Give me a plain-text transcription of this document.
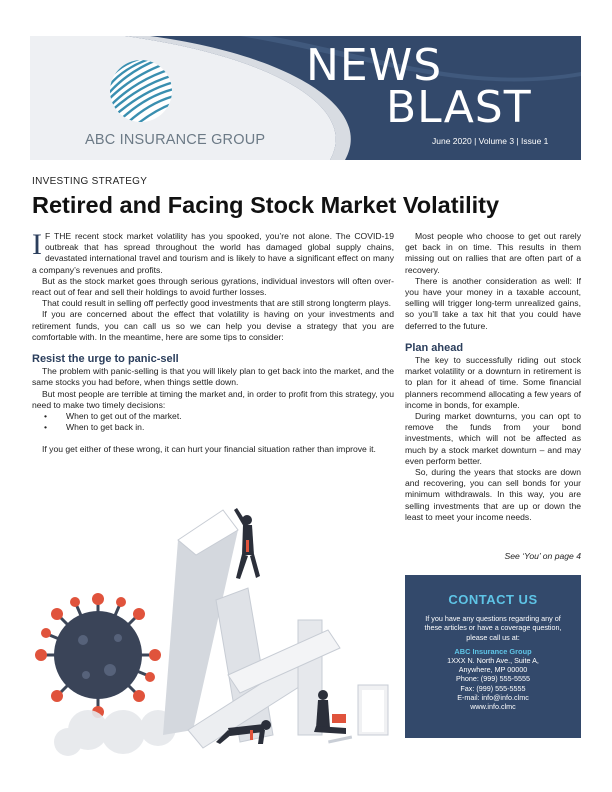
ABC INSURANCE GROUP
NEWS
BLAST
June 2020 | Volume 3 | Issue 1
INVESTING STRATEGY
Retired and Facing Stock Market Volatility

I F THE recent stock market volatility has you spooked, you’re not alone. The COVID-19 outbreak that has spread throughout the world has damaged global supply chains, devastated international travel and tourism and is likely to have a significant effect on many a company’s revenues and profits.

But as the stock market goes through serious gyrations, individual investors will often over-react out of fear and sell their holdings to avoid further losses.

That could result in selling off perfectly good investments that are still strong longterm plays.

If you are concerned about the effect that volatility is having on your investments and retirement funds, you can call us so we can help you devise a strategy that you are comfortable with. In the meantime, here are some tips to consider:

Resist the urge to panic-sell

The problem with panic-selling is that you will likely plan to get back into the market, and the same stocks you had before, when things settle down.

But most people are terrible at timing the market and, in order to profit from this strategy, you need to make two timely decisions:

• When to get out of the market.
• When to get back in.

If you get either of these wrong, it can hurt your financial situation rather than improve it.

Most people who choose to get out rarely get back in on time. This results in them missing out on rallies that are often part of a recovery.

There is another consideration as well: If you have your money in a taxable account, selling will trigger long-term unrealized gains, so you’ll take a tax hit that you could have deferred to the future.

Plan ahead

The key to successfully riding out stock market volatility or a downturn in retirement is to plan for it ahead of time. Some financial planners recommend allocating a few years of income in bonds, for example.

During market downturns, you can opt to remove the funds from your bond investments, which will not be affected as much by a stock market downturn – and may even perform better.

So, during the years that stocks are down and recovering, you can sell bonds for your minimum withdrawals. In this way, you are selling investments that are up or down the least to meet your income needs.

See ‘You’ on page 4
CONTACT US
If you have any questions regarding any of these articles or have a coverage question, please call us at:
ABC Insurance Group
1XXX N. North Ave., Suite A,
Anywhere, MP 00000
Phone: (999) 555-5555
Fax: (999) 555-5555
E-mail: info@info.clmc
www.info.clmc
